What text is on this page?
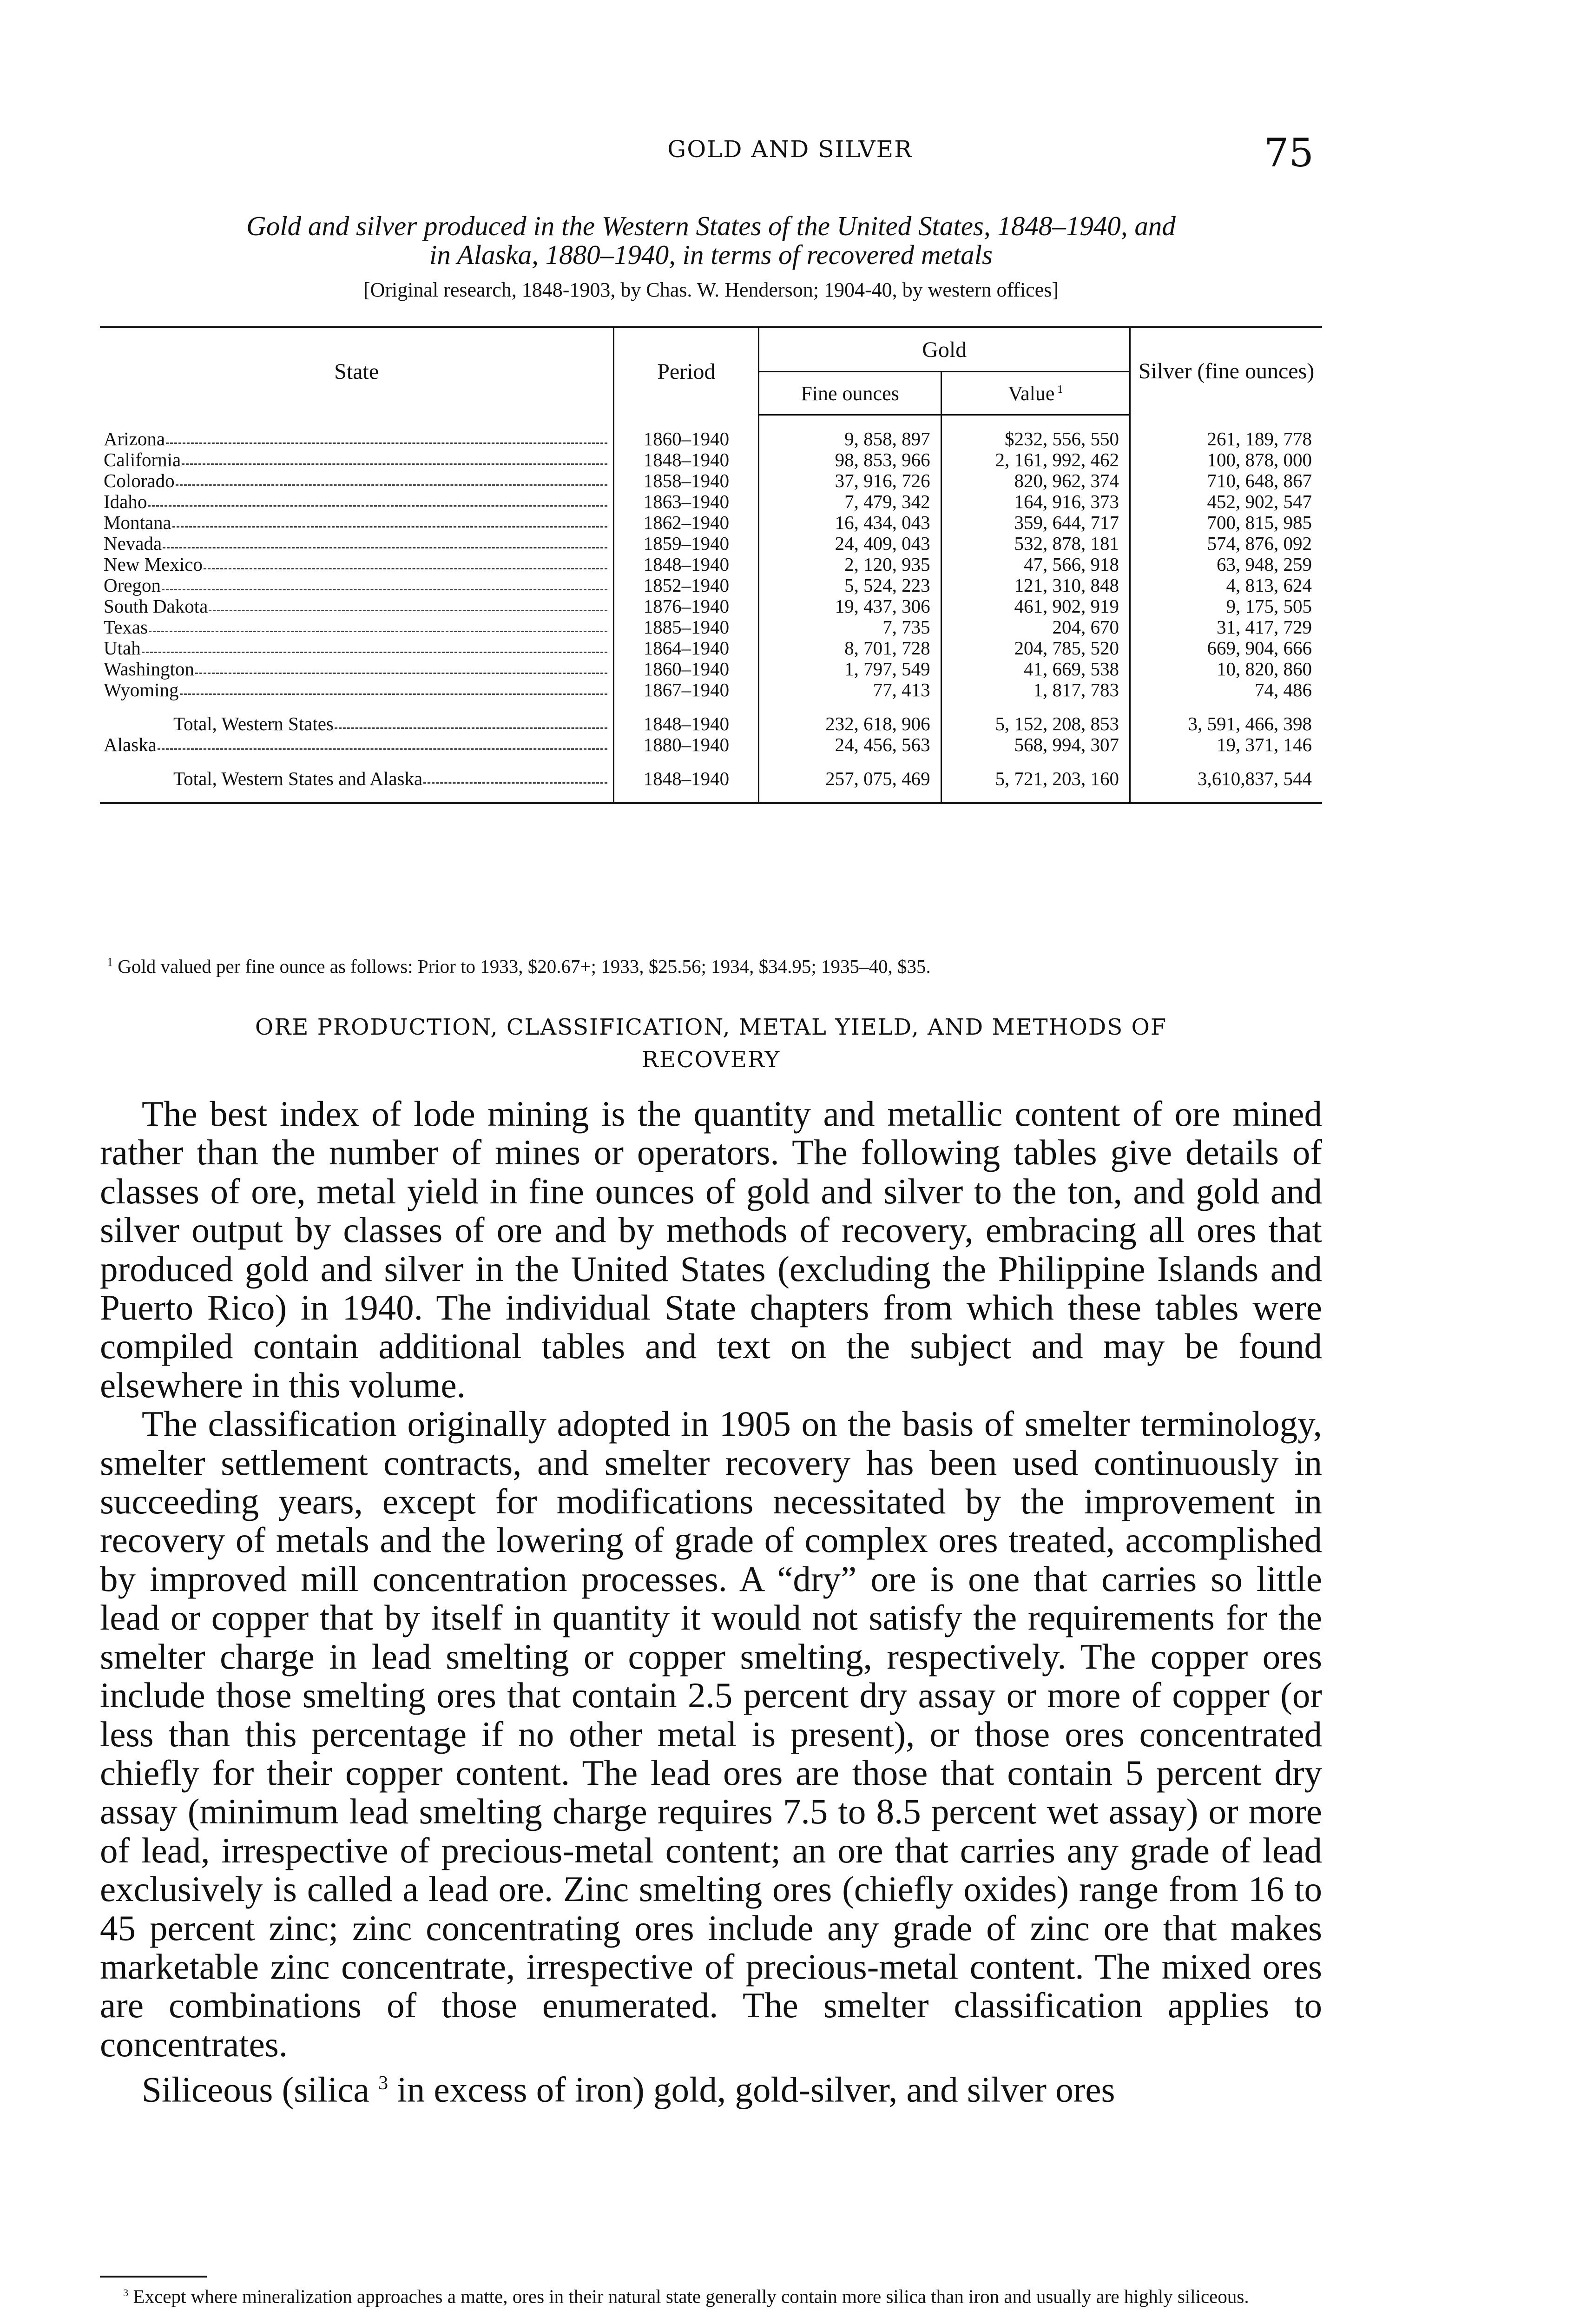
GOLD AND SILVER	75
Gold and silver produced in the Western States of the United States, 1848–1940, and
in Alaska, 1880–1940, in terms of recovered metals
[Original research, 1848-1903, by Chas. W. Henderson; 1904-40, by western offices]
State	Period	Gold		Silver (fine ounces)
		Fine ounces	Value $^1$

Arizona	1860–1940	9, 858, 897	$232, 556, 550	261, 189, 778

California	1848–1940	98, 853, 966	2, 161, 992, 462	100, 878, 000

Colorado	1858–1940	37, 916, 726	820, 962, 374	710, 648, 867

Idaho	1863–1940	7, 479, 342	164, 916, 373	452, 902, 547

Montana	1862–1940	16, 434, 043	359, 644, 717	700, 815, 985

Nevada	1859–1940	24, 409, 043	532, 878, 181	574, 876, 092

New Mexico	1848–1940	2, 120, 935	47, 566, 918	63, 948, 259

Oregon	1852–1940	5, 524, 223	121, 310, 848	4, 813, 624

South Dakota	1876–1940	19, 437, 306	461, 902, 919	9, 175, 505

Texas	1885–1940	7, 735	204, 670	31, 417, 729

Utah	1864–1940	8, 701, 728	204, 785, 520	669, 904, 666

Washington	1860–1940	1, 797, 549	41, 669, 538	10, 820, 860

Wyoming	1867–1940	77, 413	1, 817, 783	74, 486

Total, Western States	1848–1940	232, 618, 906	5, 152, 208, 853	3, 591, 466, 398

Alaska	1880–1940	24, 456, 563	568, 994, 307	19, 371, 146

Total, Western States and Alaska	1848–1940	257, 075, 469	5, 721, 203, 160	3,610,837, 544

$^1$ Gold valued per fine ounce as follows: Prior to 1933, $20.67+; 1933, $25.56; 1934, $34.95; 1935–40, $35.
ORE PRODUCTION, CLASSIFICATION, METAL YIELD, AND METHODS OF
RECOVERY

The best index of lode mining is the quantity and metallic content of ore mined rather than the number of mines or operators. The following tables give details of classes of ore, metal yield in fine ounces of gold and silver to the ton, and gold and silver output by classes of ore and by methods of recovery, embracing all ores that produced gold and silver in the United States (excluding the Philippine Islands and Puerto Rico) in 1940. The individual State chapters from which these tables were compiled contain additional tables and text on the subject and may be found elsewhere in this volume.

The classification originally adopted in 1905 on the basis of smelter terminology, smelter settlement contracts, and smelter recovery has been used continuously in succeeding years, except for modifications necessitated by the improvement in recovery of metals and the lowering of grade of complex ores treated, accomplished by improved mill concentration processes. A “dry” ore is one that carries so little lead or copper that by itself in quantity it would not satisfy the requirements for the smelter charge in lead smelting or copper smelting, respectively. The copper ores include those smelting ores that contain 2.5 percent dry assay or more of copper (or less than this percentage if no other metal is present), or those ores concentrated chiefly for their copper content. The lead ores are those that contain 5 percent dry assay (minimum lead smelting charge requires 7.5 to 8.5 percent wet assay) or more of lead, irrespective of precious-metal content; an ore that carries any grade of lead exclusively is called a lead ore. Zinc smelting ores (chiefly oxides) range from 16 to 45 percent zinc; zinc concentrating ores include any grade of zinc ore that makes marketable zinc concentrate, irrespective of precious-metal content. The mixed ores are combinations of those enumerated. The smelter classification applies to concentrates.

Siliceous (silica $^3$ in excess of iron) gold, gold-silver, and silver ores

$^3$ Except where mineralization approaches a matte, ores in their natural state generally contain more silica than iron and usually are highly siliceous.
